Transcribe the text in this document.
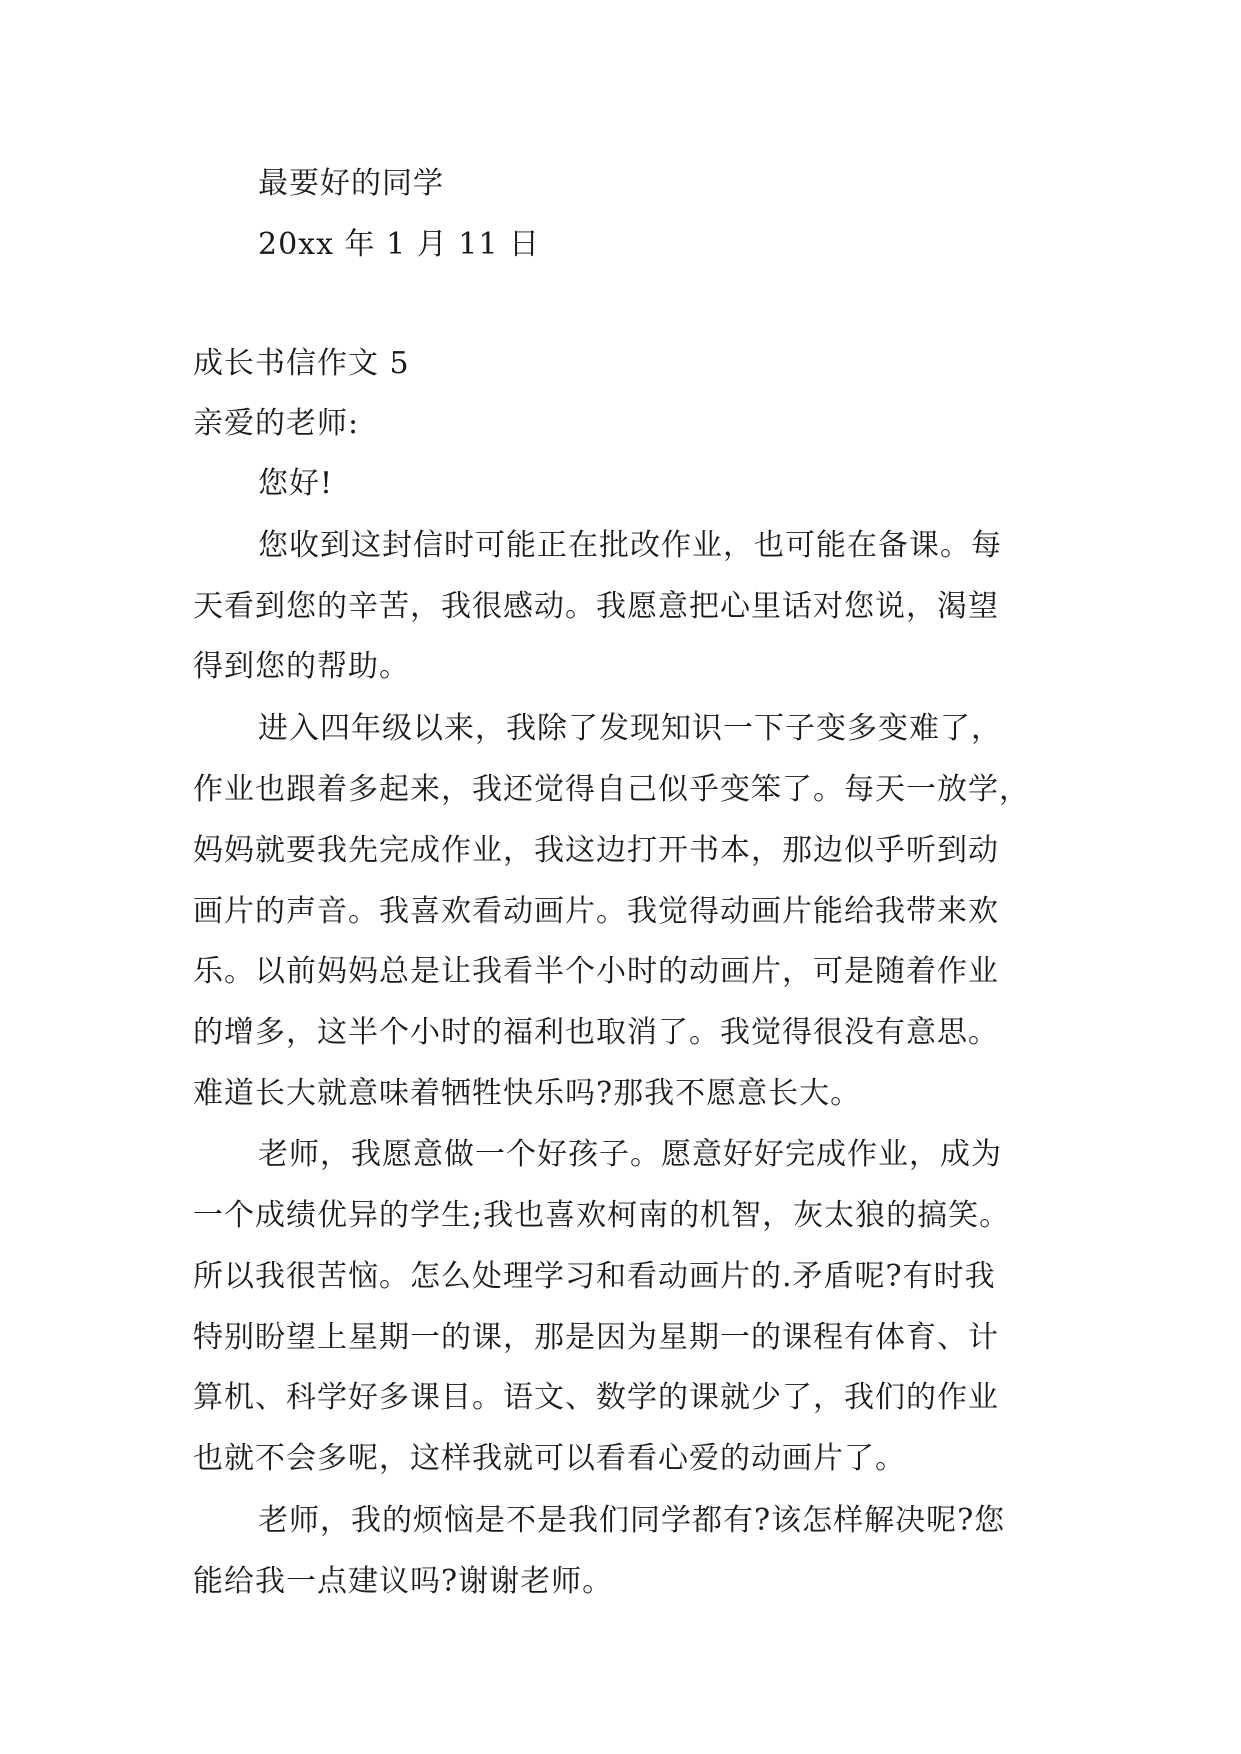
最要好的同学
20xx 年 1 月 11 日
成长书信作文 5
亲爱的老师:
您好!
您收到这封信时可能正在批改作业，也可能在备课。每
天看到您的辛苦，我很感动。我愿意把心里话对您说，渴望
得到您的帮助。
进入四年级以来，我除了发现知识一下子变多变难了，
作业也跟着多起来，我还觉得自己似乎变笨了。每天一放学，
妈妈就要我先完成作业，我这边打开书本，那边似乎听到动
画片的声音。我喜欢看动画片。我觉得动画片能给我带来欢
乐。以前妈妈总是让我看半个小时的动画片，可是随着作业
的增多，这半个小时的福利也取消了。我觉得很没有意思。
难道长大就意味着牺牲快乐吗?那我不愿意长大。
老师，我愿意做一个好孩子。愿意好好完成作业，成为
一个成绩优异的学生;我也喜欢柯南的机智，灰太狼的搞笑。
所以我很苦恼。怎么处理学习和看动画片的.矛盾呢?有时我
特别盼望上星期一的课，那是因为星期一的课程有体育、计
算机、科学好多课目。语文、数学的课就少了，我们的作业
也就不会多呢，这样我就可以看看心爱的动画片了。
老师，我的烦恼是不是我们同学都有?该怎样解决呢?您
能给我一点建议吗?谢谢老师。
